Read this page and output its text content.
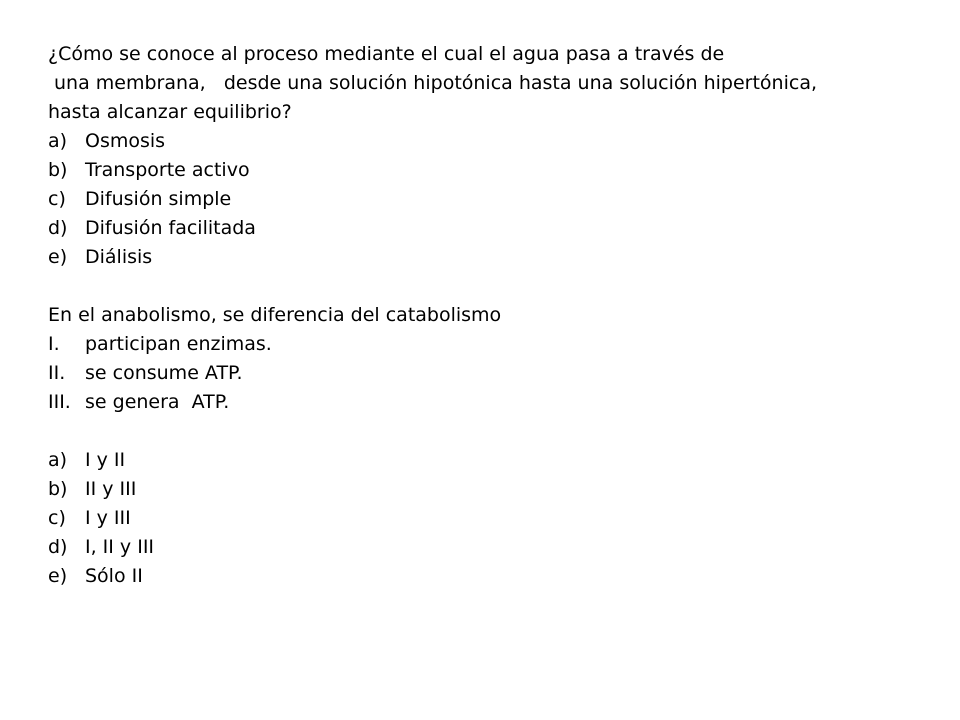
¿Cómo se conoce al proceso mediante el cual el agua pasa a través de
una membrana,   desde una solución hipotónica hasta una solución hipertónica,
hasta alcanzar equilibrio?
a) Osmosis
b) Transporte activo
c)	Difusión simple
d) Difusión facilitada
e) Diálisis
En el anabolismo, se diferencia del catabolismo
I.	participan enzimas.
II.	se consume ATP.
III. se genera  ATP.
a) I y II
b) II y III
c)	I y III
d) I, II y III
e) Sólo II
